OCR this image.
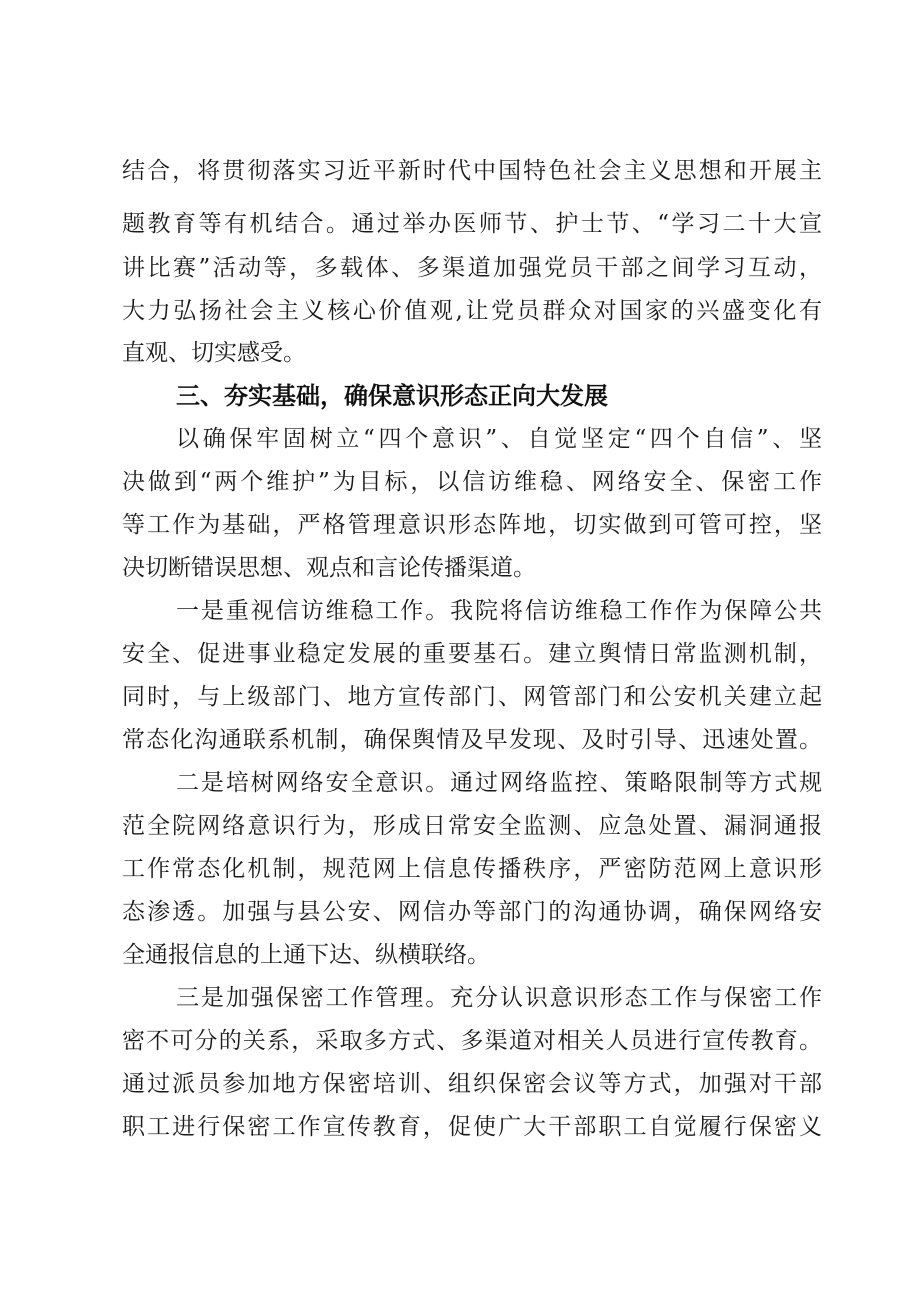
结合，将贯彻落实习近平新时代中国特色社会主义思想和开展主
题教育等有机结合。通过举办医师节、护士节、“学习二十大宣
讲比赛”活动等，多载体、多渠道加强党员干部之间学习互动，
大力弘扬社会主义核心价值观,让党员群众对国家的兴盛变化有
直观、切实感受。
三、夯实基础，确保意识形态正向大发展
以确保牢固树立“四个意识”、自觉坚定“四个自信”、坚
决做到“两个维护”为目标，以信访维稳、网络安全、保密工作
等工作为基础，严格管理意识形态阵地，切实做到可管可控，坚
决切断错误思想、观点和言论传播渠道。
一是重视信访维稳工作。我院将信访维稳工作作为保障公共
安全、促进事业稳定发展的重要基石。建立舆情日常监测机制，
同时，与上级部门、地方宣传部门、网管部门和公安机关建立起
常态化沟通联系机制，确保舆情及早发现、及时引导、迅速处置。
二是培树网络安全意识。通过网络监控、策略限制等方式规
范全院网络意识行为，形成日常安全监测、应急处置、漏洞通报
工作常态化机制，规范网上信息传播秩序，严密防范网上意识形
态渗透。加强与县公安、网信办等部门的沟通协调，确保网络安
全通报信息的上通下达、纵横联络。
三是加强保密工作管理。充分认识意识形态工作与保密工作
密不可分的关系，采取多方式、多渠道对相关人员进行宣传教育。
通过派员参加地方保密培训、组织保密会议等方式，加强对干部
职工进行保密工作宣传教育，促使广大干部职工自觉履行保密义
